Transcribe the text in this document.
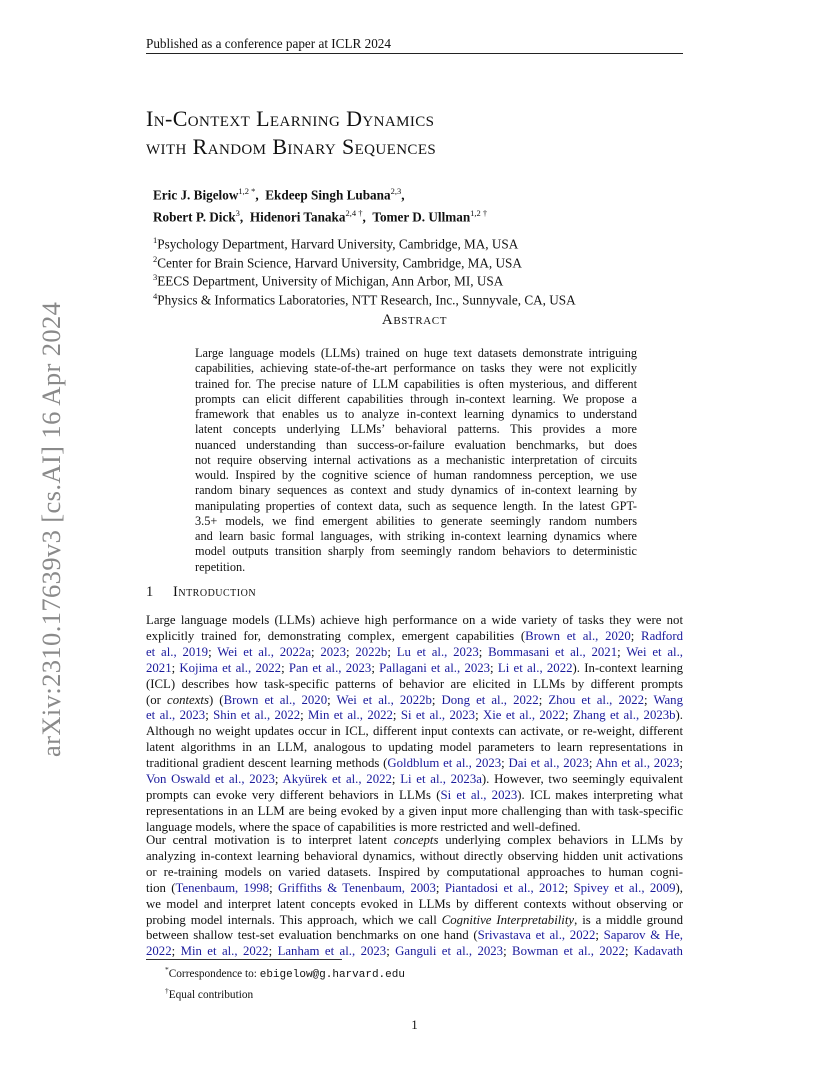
Published as a conference paper at ICLR 2024
In-Context Learning Dynamics
with Random Binary Sequences
Eric J. Bigelow$^{1,2 *}$,  Ekdeep Singh Lubana$^{2,3}$,
Robert P. Dick$^3$,  Hidenori Tanaka$^{2,4 \dagger}$,  Tomer D. Ullman$^{1,2 \dagger}$
$^1$Psychology Department, Harvard University, Cambridge, MA, USA
$^2$Center for Brain Science, Harvard University, Cambridge, MA, USA
$^3$EECS Department, University of Michigan, Ann Arbor, MI, USA
$^4$Physics & Informatics Laboratories, NTT Research, Inc., Sunnyvale, CA, USA
Abstract
Large language models (LLMs) trained on huge text datasets demonstrate intriguing
capabilities, achieving state-of-the-art performance on tasks they were not explicitly
trained for. The precise nature of LLM capabilities is often mysterious, and different
prompts can elicit different capabilities through in-context learning. We propose a
framework that enables us to analyze in-context learning dynamics to understand
latent concepts underlying LLMs’ behavioral patterns. This provides a more
nuanced understanding than success-or-failure evaluation benchmarks, but does
not require observing internal activations as a mechanistic interpretation of circuits
would. Inspired by the cognitive science of human randomness perception, we use
random binary sequences as context and study dynamics of in-context learning by
manipulating properties of context data, such as sequence length. In the latest GPT-
3.5+ models, we find emergent abilities to generate seemingly random numbers
and learn basic formal languages, with striking in-context learning dynamics where
model outputs transition sharply from seemingly random behaviors to deterministic
repetition.
1 Introduction
Large language models (LLMs) achieve high performance on a wide variety of tasks they were not
explicitly trained for, demonstrating complex, emergent capabilities (Brown et al., 2020; Radford
et al., 2019; Wei et al., 2022a; 2023; 2022b; Lu et al., 2023; Bommasani et al., 2021; Wei et al.,
2021; Kojima et al., 2022; Pan et al., 2023; Pallagani et al., 2023; Li et al., 2022). In-context learning
(ICL) describes how task-specific patterns of behavior are elicited in LLMs by different prompts
(or contexts) (Brown et al., 2020; Wei et al., 2022b; Dong et al., 2022; Zhou et al., 2022; Wang
et al., 2023; Shin et al., 2022; Min et al., 2022; Si et al., 2023; Xie et al., 2022; Zhang et al., 2023b).
Although no weight updates occur in ICL, different input contexts can activate, or re-weight, different
latent algorithms in an LLM, analogous to updating model parameters to learn representations in
traditional gradient descent learning methods (Goldblum et al., 2023; Dai et al., 2023; Ahn et al., 2023;
Von Oswald et al., 2023; Akyürek et al., 2022; Li et al., 2023a). However, two seemingly equivalent
prompts can evoke very different behaviors in LLMs (Si et al., 2023). ICL makes interpreting what
representations in an LLM are being evoked by a given input more challenging than with task-specific
language models, where the space of capabilities is more restricted and well-defined.
Our central motivation is to interpret latent concepts underlying complex behaviors in LLMs by
analyzing in-context learning behavioral dynamics, without directly observing hidden unit activations
or re-training models on varied datasets. Inspired by computational approaches to human cogni-
tion (Tenenbaum, 1998; Griffiths & Tenenbaum, 2003; Piantadosi et al., 2012; Spivey et al., 2009),
we model and interpret latent concepts evoked in LLMs by different contexts without observing or
probing model internals. This approach, which we call Cognitive Interpretability, is a middle ground
between shallow test-set evaluation benchmarks on one hand (Srivastava et al., 2022; Saparov & He,
2022; Min et al., 2022; Lanham et al., 2023; Ganguli et al., 2023; Bowman et al., 2022; Kadavath
*Correspondence to: ebigelow@g.harvard.edu
†Equal contribution
1
arXiv:2310.17639v3 [cs.AI] 16 Apr 2024
